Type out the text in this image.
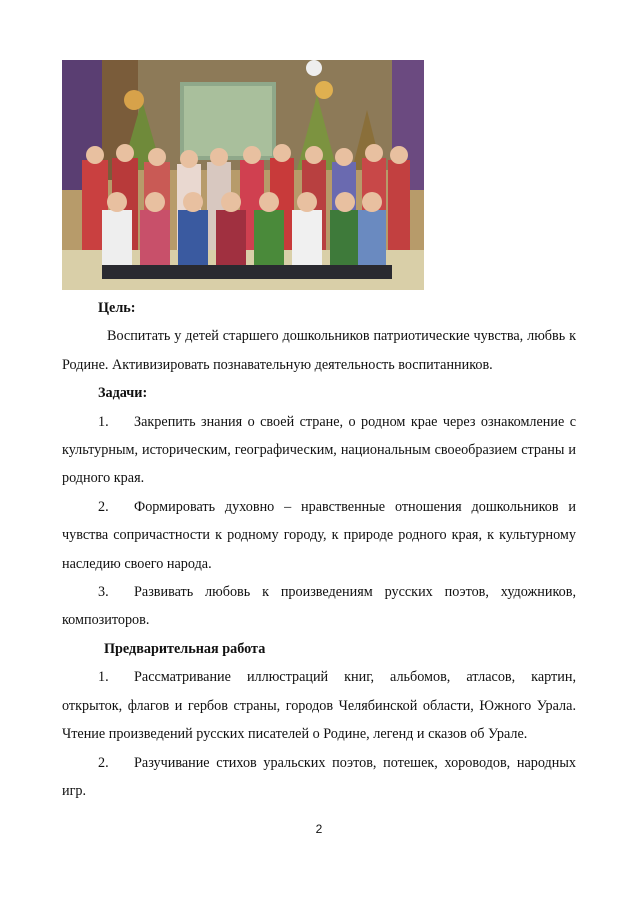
Цель:

Воспитать у детей старшего дошкольников патриотические чувства, любвь к Родине. Активизировать познавательную деятельность воспитанников.

Задачи:

1. Закрепить знания о своей стране, о родном крае через ознакомление с культурным, историческим, географическим, национальным своеобразием страны и родного края.

2. Формировать духовно – нравственные отношения дошкольников и чувства сопричастности к родному городу, к природе родного края, к культурному наследию своего народа.

3. Развивать любовь к произведениям русских поэтов, художников, композиторов.

Предварительная работа

1. Рассматривание иллюстраций книг, альбомов, атласов, картин, открыток, флагов и гербов страны, городов Челябинской области, Южного Урала. Чтение произведений русских писателей о Родине, легенд и сказов об Урале.

2. Разучивание стихов уральских поэтов, потешек, хороводов, народных игр.

2
